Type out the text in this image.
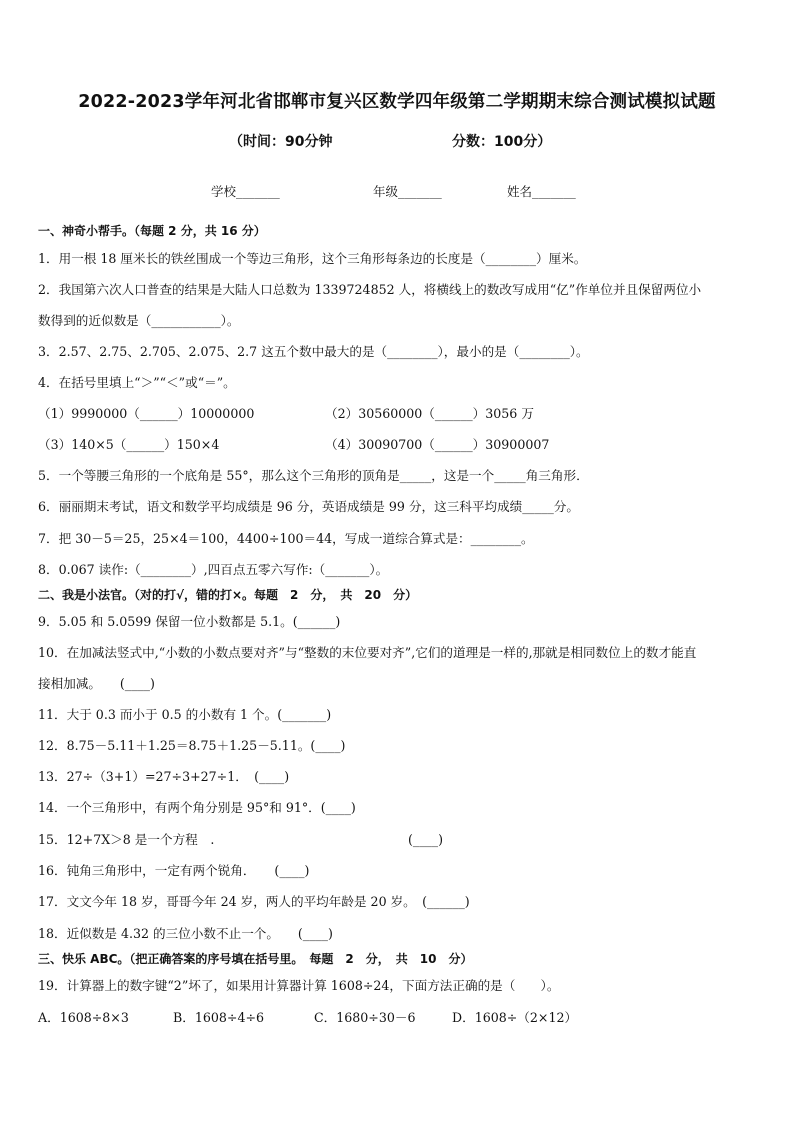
2022-2023学年河北省邯郸市复兴区数学四年级第二学期期末综合测试模拟试题
（时间：90分钟	分数：100分）
学校_______	年级_______	姓名_______
一、神奇小帮手。（每题 2 分，共 16 分）
1．用一根 18 厘米长的铁丝围成一个等边三角形，这个三角形每条边的长度是（________）厘米。
2．我国第六次人口普查的结果是大陆人口总数为 1339724852 人，将横线上的数改写成用“亿”作单位并且保留两位小
数得到的近似数是（___________）。
3．2.57、2.75、2.705、2.075、2.7 这五个数中最大的是（________），最小的是（________）。
4．在括号里填上“＞”“＜”或“＝”。
（1）9990000（______）10000000	（2）30560000（______）3056 万
（3）140×5（______）150×4	（4）30090700（______）30900007
5．一个等腰三角形的一个底角是 55°，那么这个三角形的顶角是_____，这是一个_____角三角形．
6．丽丽期末考试，语文和数学平均成绩是 96 分，英语成绩是 99 分，这三科平均成绩_____分。
7．把 30－5＝25，25×4＝100，4400÷100＝44，写成一道综合算式是：________。
8．0.067 读作:（________）,四百点五零六写作:（_______）。
二、我是小法官。（对的打√，错的打×。每题　2　分，　共　20　分）
9．5.05 和 5.0599 保留一位小数都是 5.1。(______)
10．在加减法竖式中,“小数的小数点要对齐”与“整数的末位要对齐”,它们的道理是一样的,那就是相同数位上的数才能直
接相加减。　　(____)
11．大于 0.3 而小于 0.5 的小数有 1 个。(_______)
12．8.75－5.11＋1.25＝8.75＋1.25－5.11。(____)
13．27÷（3+1）=27÷3+27÷1．　(____)
14．一个三角形中，有两个角分别是 95°和 91°．(____)
15．12+7X＞8 是一个方程　.	(____)
16．钝角三角形中，一定有两个锐角．　　(____)
17．文文今年 18 岁，哥哥今年 24 岁，两人的平均年龄是 20 岁。　(______)
18．近似数是 4.32 的三位小数不止一个。　　(____)
三、快乐 ABC。（把正确答案的序号填在括号里。　每题　2　分，　共　10　分）
19．计算器上的数字键“2”坏了，如果用计算器计算 1608÷24，下面方法正确的是（　　）。
A．1608÷8×3	B．1608÷4÷6	C．1680÷30－6	D．1608÷（2×12）
